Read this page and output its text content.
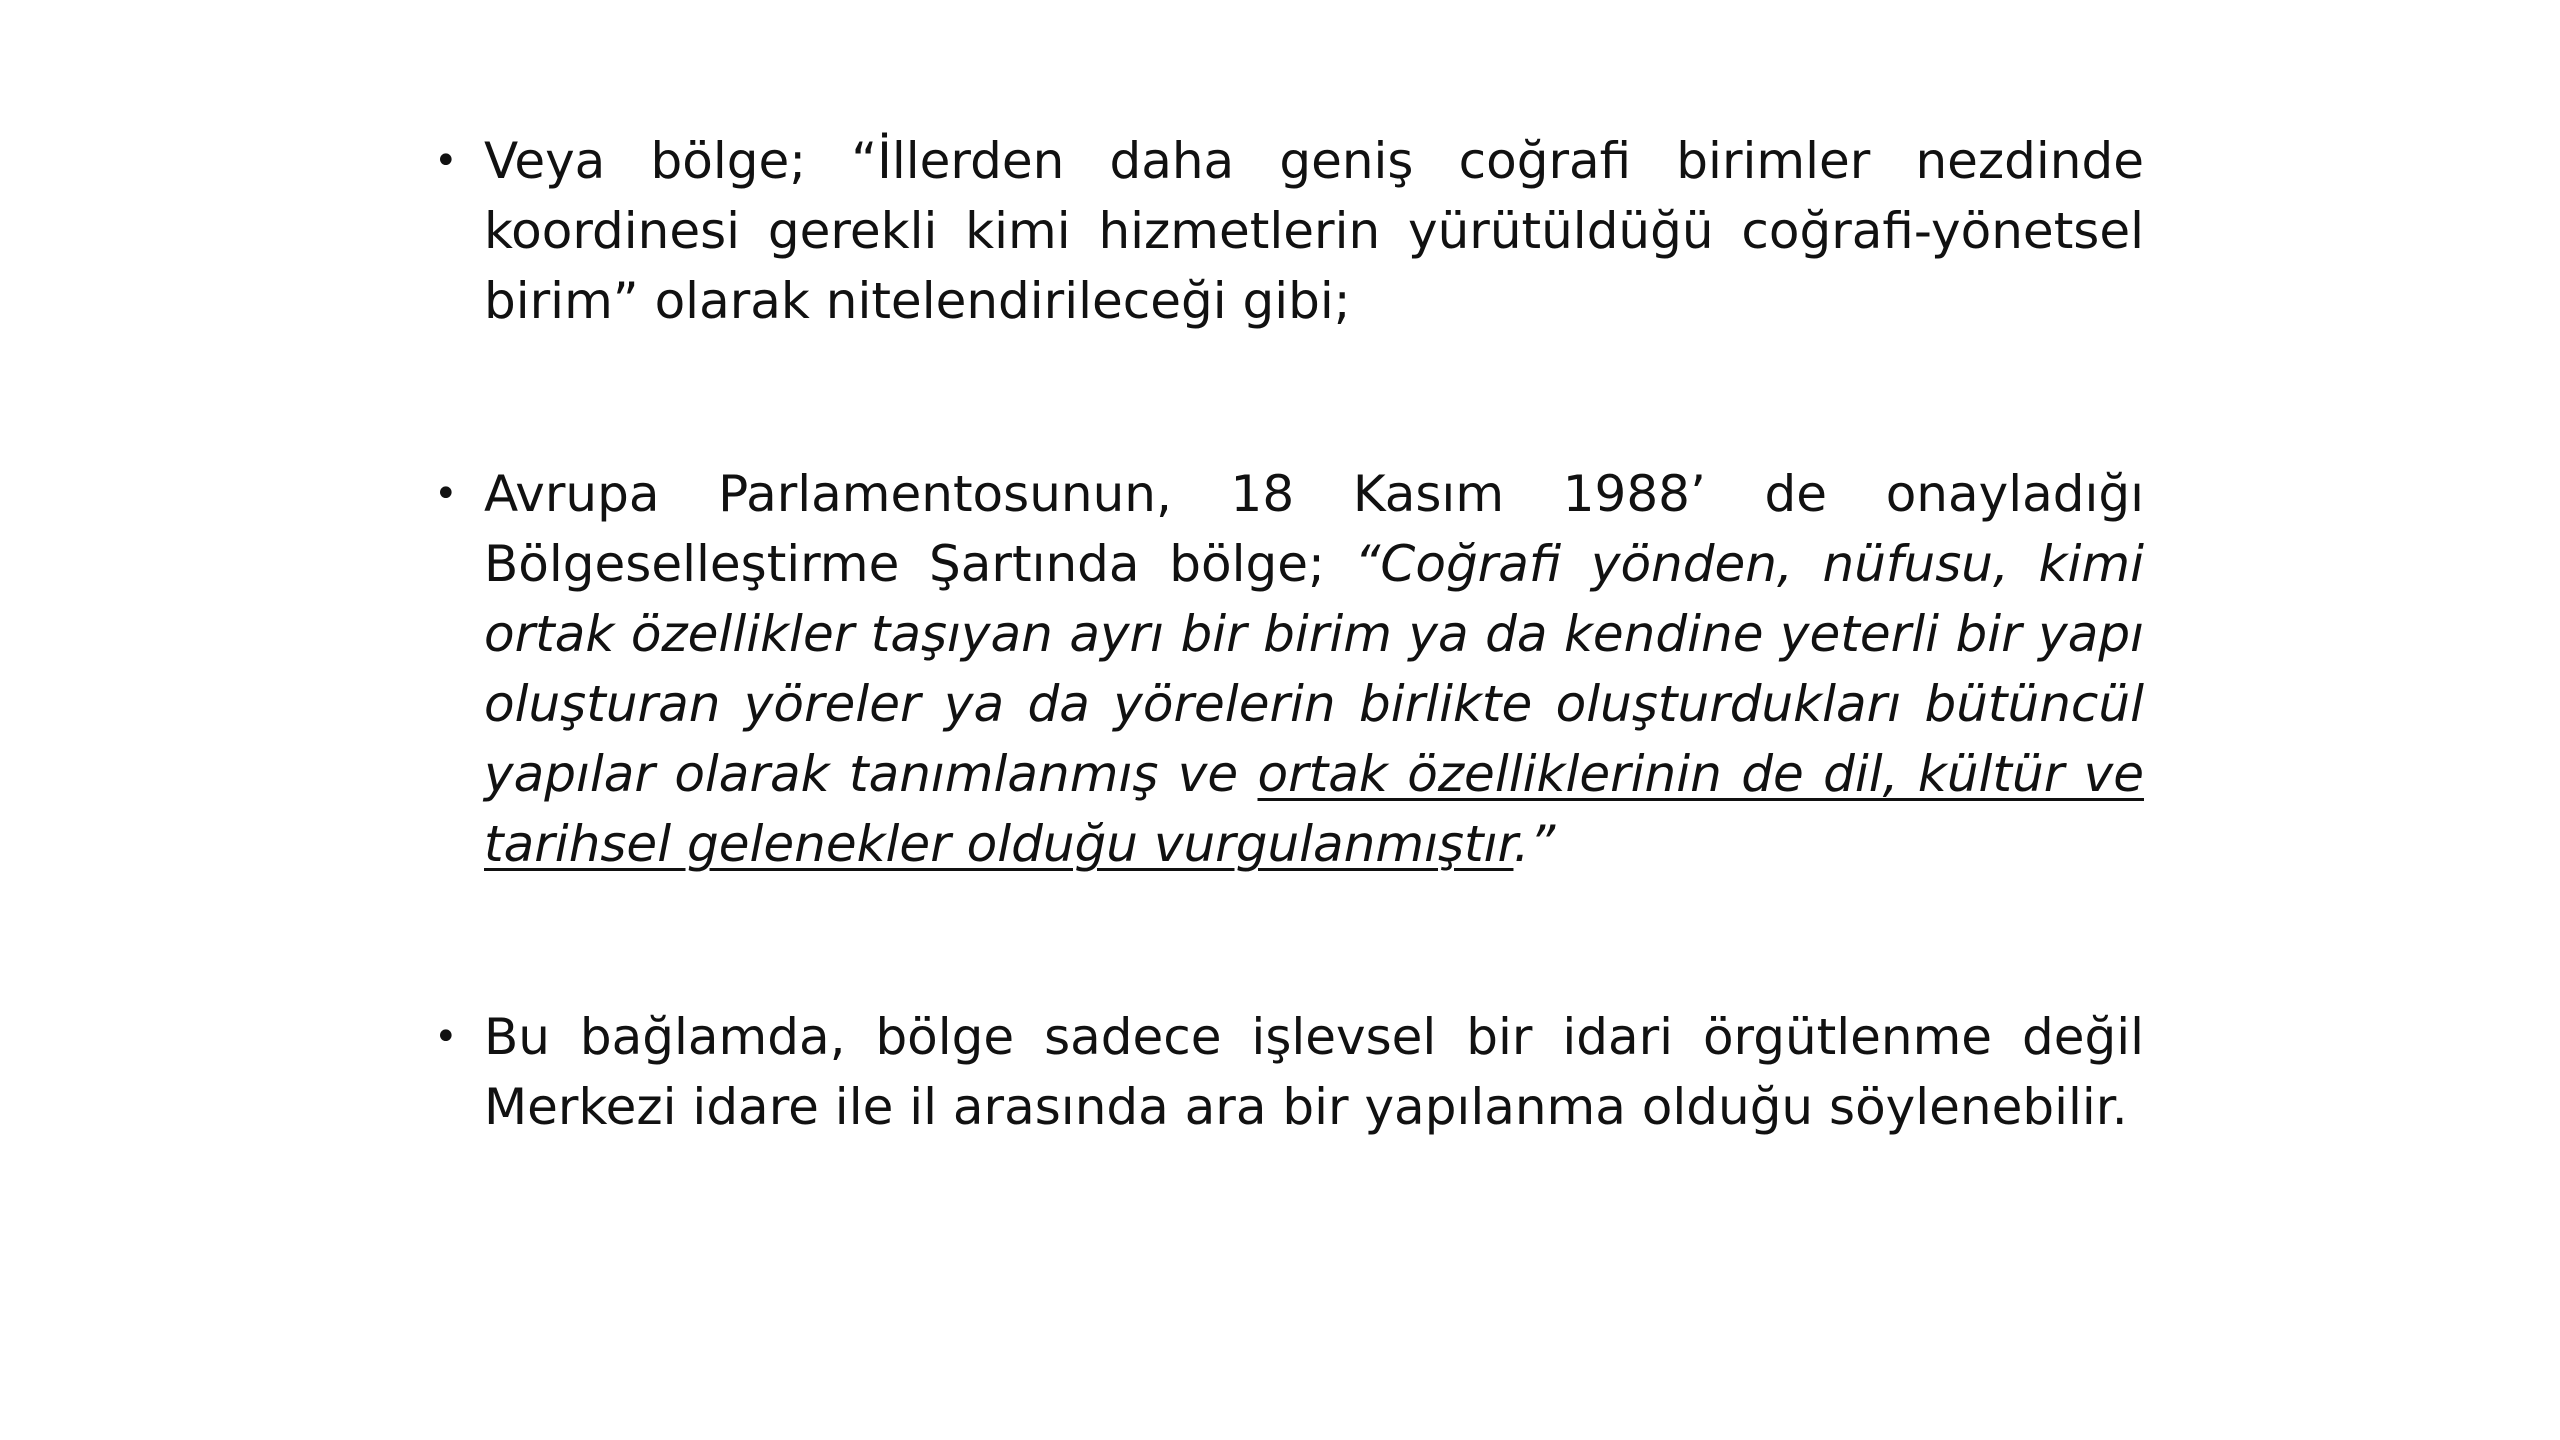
• Veya bölge; “İllerden daha geniş coğrafi birimler nezdinde koordinesi gerekli kimi hizmetlerin yürütüldüğü coğrafi-yönetsel birim” olarak nitelendirileceği gibi;
• Avrupa Parlamentosunun, 18 Kasım 1988’ de onayladığı Bölgeselleştirme Şartında bölge; “Coğrafi yönden, nüfusu, kimi ortak özellikler taşıyan ayrı bir birim ya da kendine yeterli bir yapı oluşturan yöreler ya da yörelerin birlikte oluşturdukları bütüncül yapılar olarak tanımlanmış ve ortak özelliklerinin de dil, kültür ve tarihsel gelenekler olduğu vurgulanmıştır.”
• Bu bağlamda, bölge sadece işlevsel bir idari örgütlenme değil Merkezi idare ile il arasında ara bir yapılanma olduğu söylenebilir.
